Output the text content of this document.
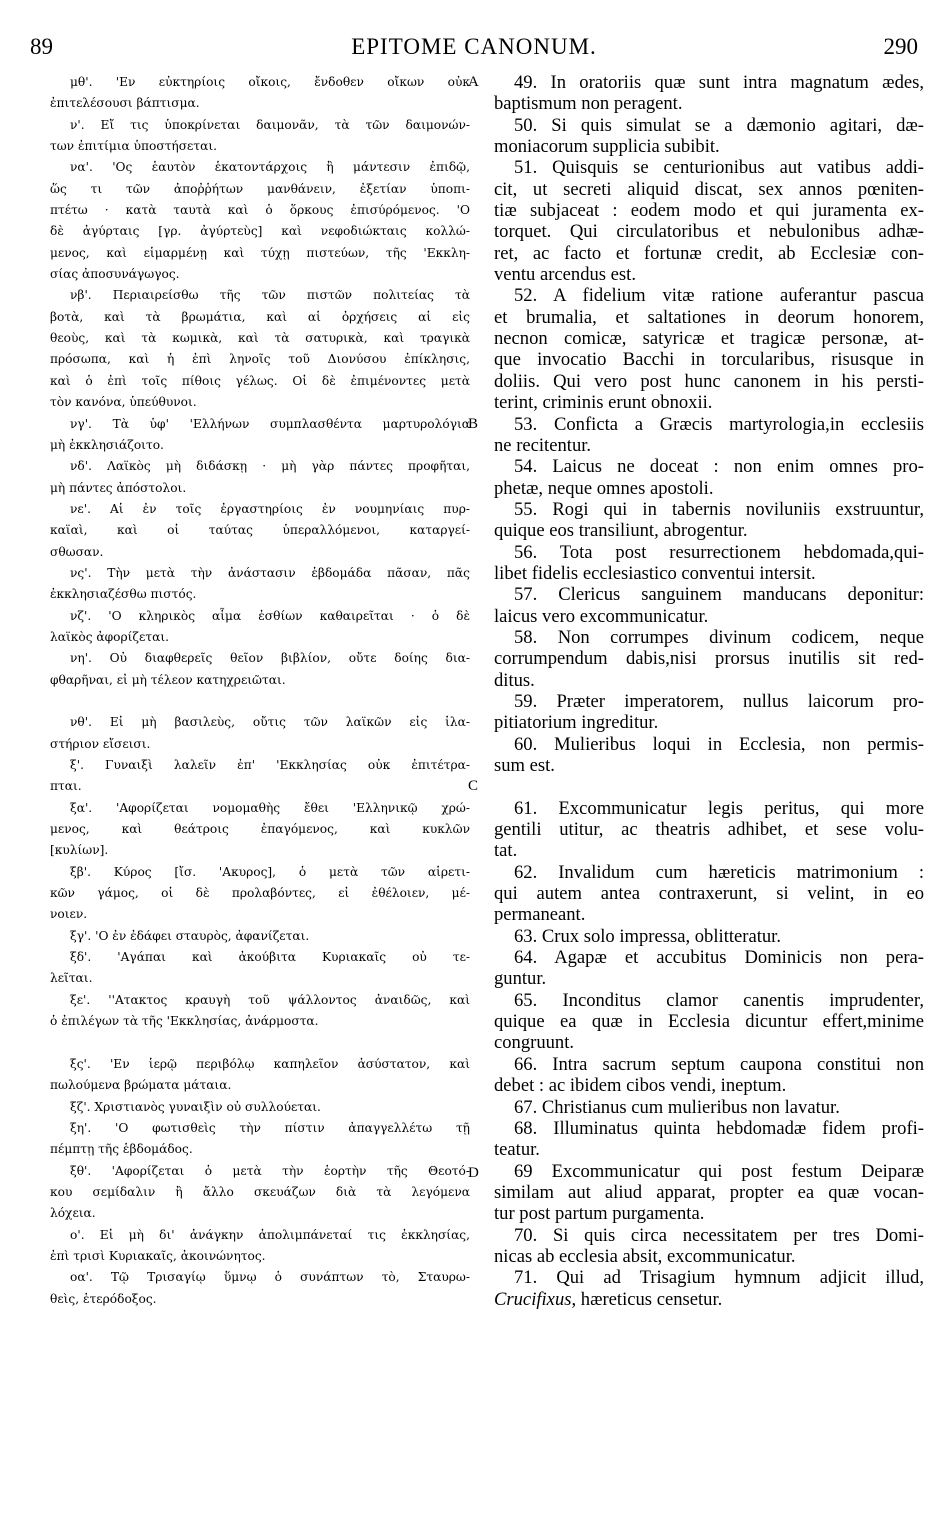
89	EPITOME CANONUM.	290
μθ'. 'Εν εὐκτηρίοις οἴκοις, ἔνδοθεν οἴκων οὐκ
ἐπιτελέσουσι βάπτισμα.
ν'. Εἴ τις ὑποκρίνεται δαιμονᾶν, τὰ τῶν δαιμονών-
των ἐπιτίμια ὑποστήσεται.
να'. 'Ος ἑαυτὸν ἑκατοντάρχοις ἢ μάντεσιν ἐπιδῷ,
ὥς τι τῶν ἀποῤῥήτων μανθάνειν, ἐξετίαν ὑποπι-
πτέτω · κατὰ ταυτὰ καὶ ὁ ὅρκους ἐπισύρόμενος. 'Ο
δὲ ἀγύρταις [γρ. ἀγύρτεὺς] καὶ νεφοδιώκταις κολλώ-
μενος, καὶ εἱμαρμένῃ καὶ τύχῃ πιστεύων, τῆς 'Εκκλη-
σίας ἀποσυνάγωγος.
νβ'. Περιαιρείσθω τῆς τῶν πιστῶν πολιτείας τὰ
βοτὰ, καὶ τὰ βρωμάτια, καὶ αἱ ὀρχήσεις αἱ εἰς
θεοὺς, καὶ τὰ κωμικὰ, καὶ τὰ σατυρικὰ, καὶ τραγικὰ
πρόσωπα, καὶ ἡ ἐπὶ ληνοῖς τοῦ Διονύσου ἐπίκλησις,
καὶ ὁ ἐπὶ τοῖς πίθοις γέλως. Οἱ δὲ ἐπιμένοντες μετὰ
τὸν κανόνα, ὑπεύθυνοι.
νγ'. Τὰ ὑφ' 'Ελλήνων συμπλασθέντα μαρτυρολόγια
μὴ ἐκκλησιάζοιτο.
νδ'. Λαϊκὸς μὴ διδάσκῃ · μὴ γὰρ πάντες προφῆται,
μὴ πάντες ἀπόστολοι.
νε'. Αἱ ἐν τοῖς ἐργαστηρίοις ἐν νουμηνίαις πυρ-
καϊαὶ, καὶ οἱ ταύτας ὑπεραλλόμενοι, καταργεί-
σθωσαν.
νς'. Τὴν μετὰ τὴν ἀνάστασιν ἑβδομάδα πᾶσαν, πᾶς
ἐκκλησιαζέσθω πιστός.
νζ'. 'Ο κληρικὸς αἷμα ἐσθίων καθαιρεῖται · ὁ δὲ
λαϊκὸς ἀφορίζεται.
νη'. Οὐ διαφθερεῖς θεῖον βιβλίον, οὔτε δοίης δια-
φθαρῆναι, εἰ μὴ τέλεον κατηχρειῶται.
νθ'. Εἰ μὴ βασιλεὺς, οὔτις τῶν λαϊκῶν εἰς ἱλα-
στήριον εἴσεισι.
ξ'. Γυναιξὶ λαλεῖν ἐπ' 'Εκκλησίας οὐκ ἐπιτέτρα-
πται.
ξα'. 'Αφορίζεται νομομαθὴς ἔθει 'Ελληνικῷ χρώ-
μενος, καὶ θεάτροις ἐπαγόμενος, καὶ κυκλῶν
[κυλίων].
ξβ'. Κύρος [ἴσ. 'Ακυρος], ὁ μετὰ τῶν αἱρετι-
κῶν γάμος, οἱ δὲ προλαβόντες, εἰ ἐθέλοιεν, μέ-
νοιεν.
ξγ'. 'Ο ἐν ἐδάφει σταυρὸς, ἀφανίζεται.
ξδ'. 'Αγάπαι καὶ ἀκούβιτα Κυριακαῖς οὐ τε-
λεῖται.
ξε'. ''Ατακτος κραυγὴ τοῦ ψάλλοντος ἀναιδῶς, καὶ
ὁ ἐπιλέγων τὰ τῆς 'Εκκλησίας, ἀνάρμοστα.
ξς'. 'Εν ἱερῷ περιβόλῳ καπηλεῖον ἀσύστατον, καὶ
πωλούμενα βρώματα μάταια.
ξζ'. Χριστιανὸς γυναιξὶν οὐ συλλούεται.
ξη'. 'Ο φωτισθεὶς τὴν πίστιν ἀπαγγελλέτω τῇ
πέμπτῃ τῆς ἑβδομάδος.
ξθ'. 'Αφορίζεται ὁ μετὰ τὴν ἑορτὴν τῆς Θεοτό-
κου σεμίδαλιν ἢ ἄλλο σκευάζων διὰ τὰ λεγόμενα
λόχεια.
ο'. Εἰ μὴ δι' ἀνάγκην ἀπολιμπάνεταί τις ἐκκλησίας,
ἐπὶ τρισὶ Κυριακαῖς, ἀκοινώνητος.
οα'. Τῷ Τρισαγίῳ ὕμνῳ ὁ συνάπτων τὸ, Σταυρω-
θεὶς, ἑτερόδοξος.
49. In oratoriis quæ sunt intra magnatum ædes,
baptismum non peragent.
50. Si quis simulat se a dæmonio agitari, dæ-
moniacorum supplicia subibit.
51. Quisquis se centurionibus aut vatibus addi-
cit, ut secreti aliquid discat, sex annos pœniten-
tiæ subjaceat : eodem modo et qui juramenta ex-
torquet. Qui circulatoribus et nebulonibus adhæ-
ret, ac facto et fortunæ credit, ab Ecclesiæ con-
ventu arcendus est.
52. A fidelium vitæ ratione auferantur pascua
et brumalia, et saltationes in deorum honorem,
necnon comicæ, satyricæ et tragicæ personæ, at-
que invocatio Bacchi in torcularibus, risusque in
doliis. Qui vero post hunc canonem in his persti-
terint, criminis erunt obnoxii.
53. Conficta a Græcis martyrologia,in ecclesiis
ne recitentur.
54. Laicus ne doceat : non enim omnes pro-
phetæ, neque omnes apostoli.
55. Rogi qui in tabernis noviluniis exstruuntur,
quique eos transiliunt, abrogentur.
56. Tota post resurrectionem hebdomada,qui-
libet fidelis ecclesiastico conventui intersit.
57. Clericus sanguinem manducans deponitur:
laicus vero excommunicatur.
58. Non corrumpes divinum codicem, neque
corrumpendum dabis,nisi prorsus inutilis sit red-
ditus.
59. Præter imperatorem, nullus laicorum pro-
pitiatorium ingreditur.
60. Mulieribus loqui in Ecclesia, non permis-
sum est.
61. Excommunicatur legis peritus, qui more
gentili utitur, ac theatris adhibet, et sese volu-
tat.
62. Invalidum cum hæreticis matrimonium :
qui autem antea contraxerunt, si velint, in eo
permaneant.
63. Crux solo impressa, oblitteratur.
64. Agapæ et accubitus Dominicis non pera-
guntur.
65. Inconditus clamor canentis imprudenter,
quique ea quæ in Ecclesia dicuntur effert,minime
congruunt.
66. Intra sacrum septum caupona constitui non
debet : ac ibidem cibos vendi, ineptum.
67. Christianus cum mulieribus non lavatur.
68. Illuminatus quinta hebdomadæ fidem profi-
teatur.
69 Excommunicatur qui post festum Deiparæ
similam aut aliud apparat, propter ea quæ vocan-
tur post partum purgamenta.
70. Si quis circa necessitatem per tres Domi-
nicas ab ecclesia absit, excommunicatur.
71. Qui ad Trisagium hymnum adjicit illud,
Crucifixus, hæreticus censetur.
A
B
C
D
